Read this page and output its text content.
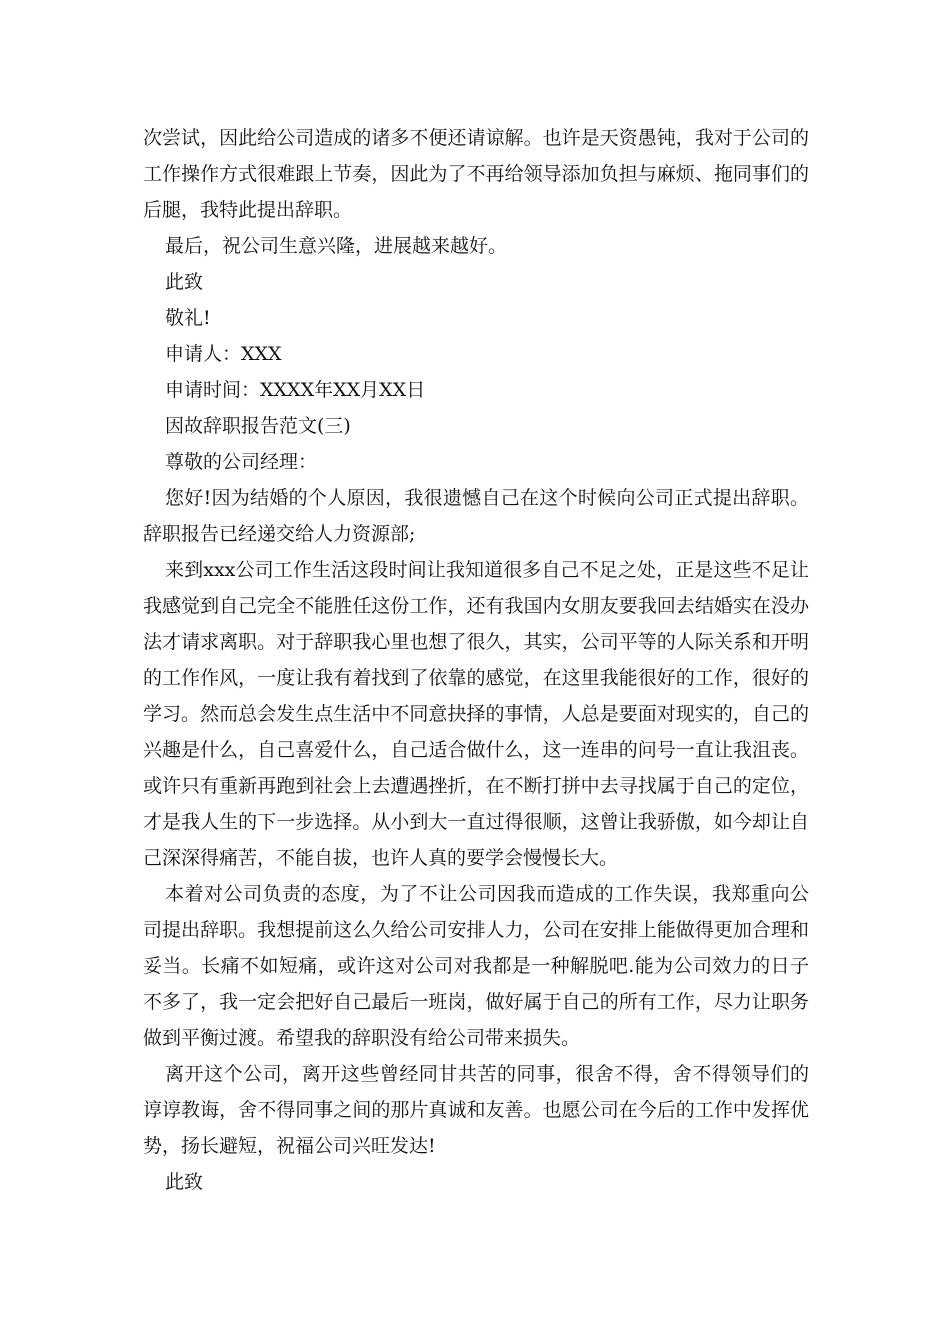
次尝试，因此给公司造成的诸多不便还请谅解。也许是天资愚钝，我对于公司的工作操作方式很难跟上节奏，因此为了不再给领导添加负担与麻烦、拖同事们的后腿，我特此提出辞职。

最后，祝公司生意兴隆，进展越来越好。

此致

敬礼!

申请人：XXX

申请时间：XXXX年XX月XX日

因故辞职报告范文(三)

尊敬的公司经理：

您好!因为结婚的个人原因，我很遗憾自己在这个时候向公司正式提出辞职。辞职报告已经递交给人力资源部;

来到xxx公司工作生活这段时间让我知道很多自己不足之处，正是这些不足让我感觉到自己完全不能胜任这份工作，还有我国内女朋友要我回去结婚实在没办法才请求离职。对于辞职我心里也想了很久，其实，公司平等的人际关系和开明的工作作风，一度让我有着找到了依靠的感觉，在这里我能很好的工作，很好的学习。然而总会发生点生活中不同意抉择的事情，人总是要面对现实的，自己的兴趣是什么，自己喜爱什么，自己适合做什么，这一连串的问号一直让我沮丧。或许只有重新再跑到社会上去遭遇挫折，在不断打拼中去寻找属于自己的定位，才是我人生的下一步选择。从小到大一直过得很顺，这曾让我骄傲，如今却让自己深深得痛苦，不能自拔，也许人真的要学会慢慢长大。

本着对公司负责的态度，为了不让公司因我而造成的工作失误，我郑重向公司提出辞职。我想提前这么久给公司安排人力，公司在安排上能做得更加合理和妥当。长痛不如短痛，或许这对公司对我都是一种解脱吧.能为公司效力的日子不多了，我一定会把好自己最后一班岗，做好属于自己的所有工作，尽力让职务做到平衡过渡。希望我的辞职没有给公司带来损失。

离开这个公司，离开这些曾经同甘共苦的同事，很舍不得，舍不得领导们的谆谆教诲，舍不得同事之间的那片真诚和友善。也愿公司在今后的工作中发挥优势，扬长避短，祝福公司兴旺发达!

此致
